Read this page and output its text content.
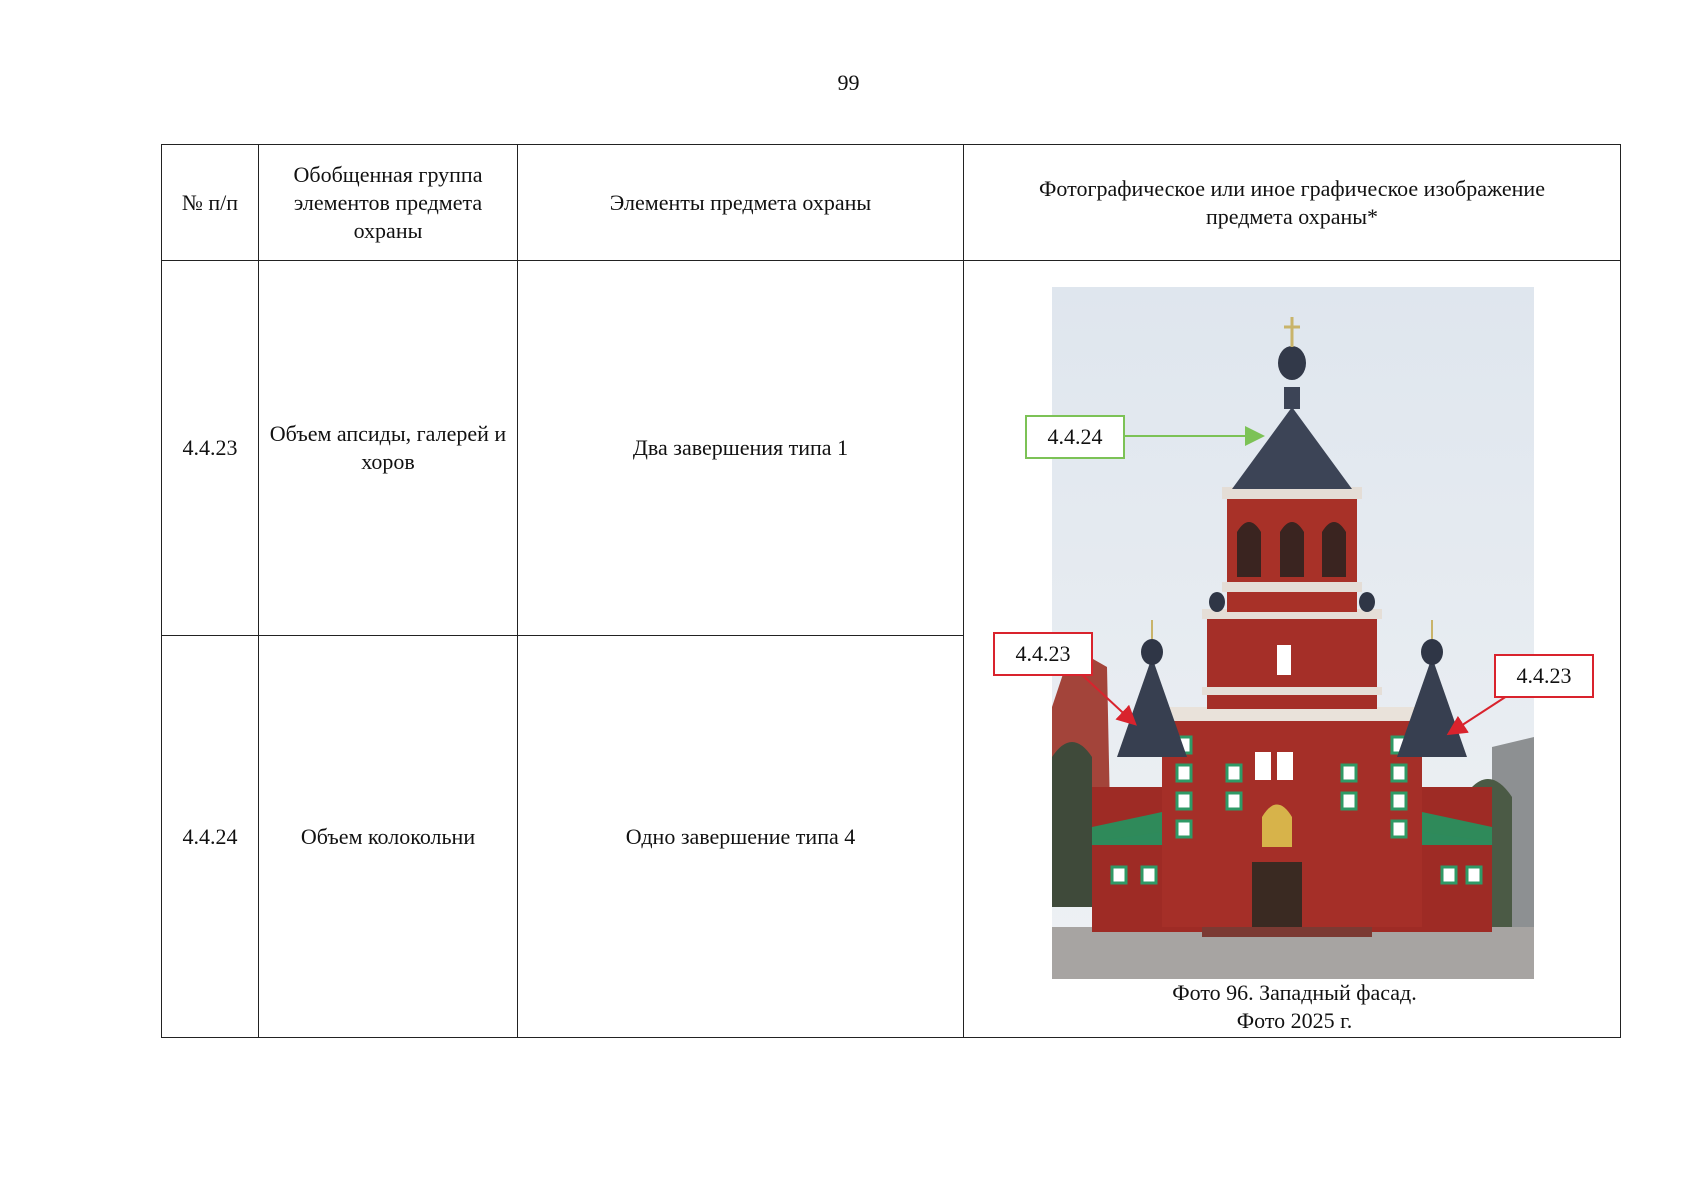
99
№ п/п	Обобщенная группа элементов предмета охраны	Элементы предмета охраны	Фотографическое или иное графическое изображение предмета охраны*
4.4.23	Объем апсиды, галерей и хоров	Два завершения типа 1	4.4.24
4.4.23
4.4.23
Фото 96. Западный фасад.
Фото 2025 г.

4.4.24	Объем колокольни	Одно завершение типа 4	
